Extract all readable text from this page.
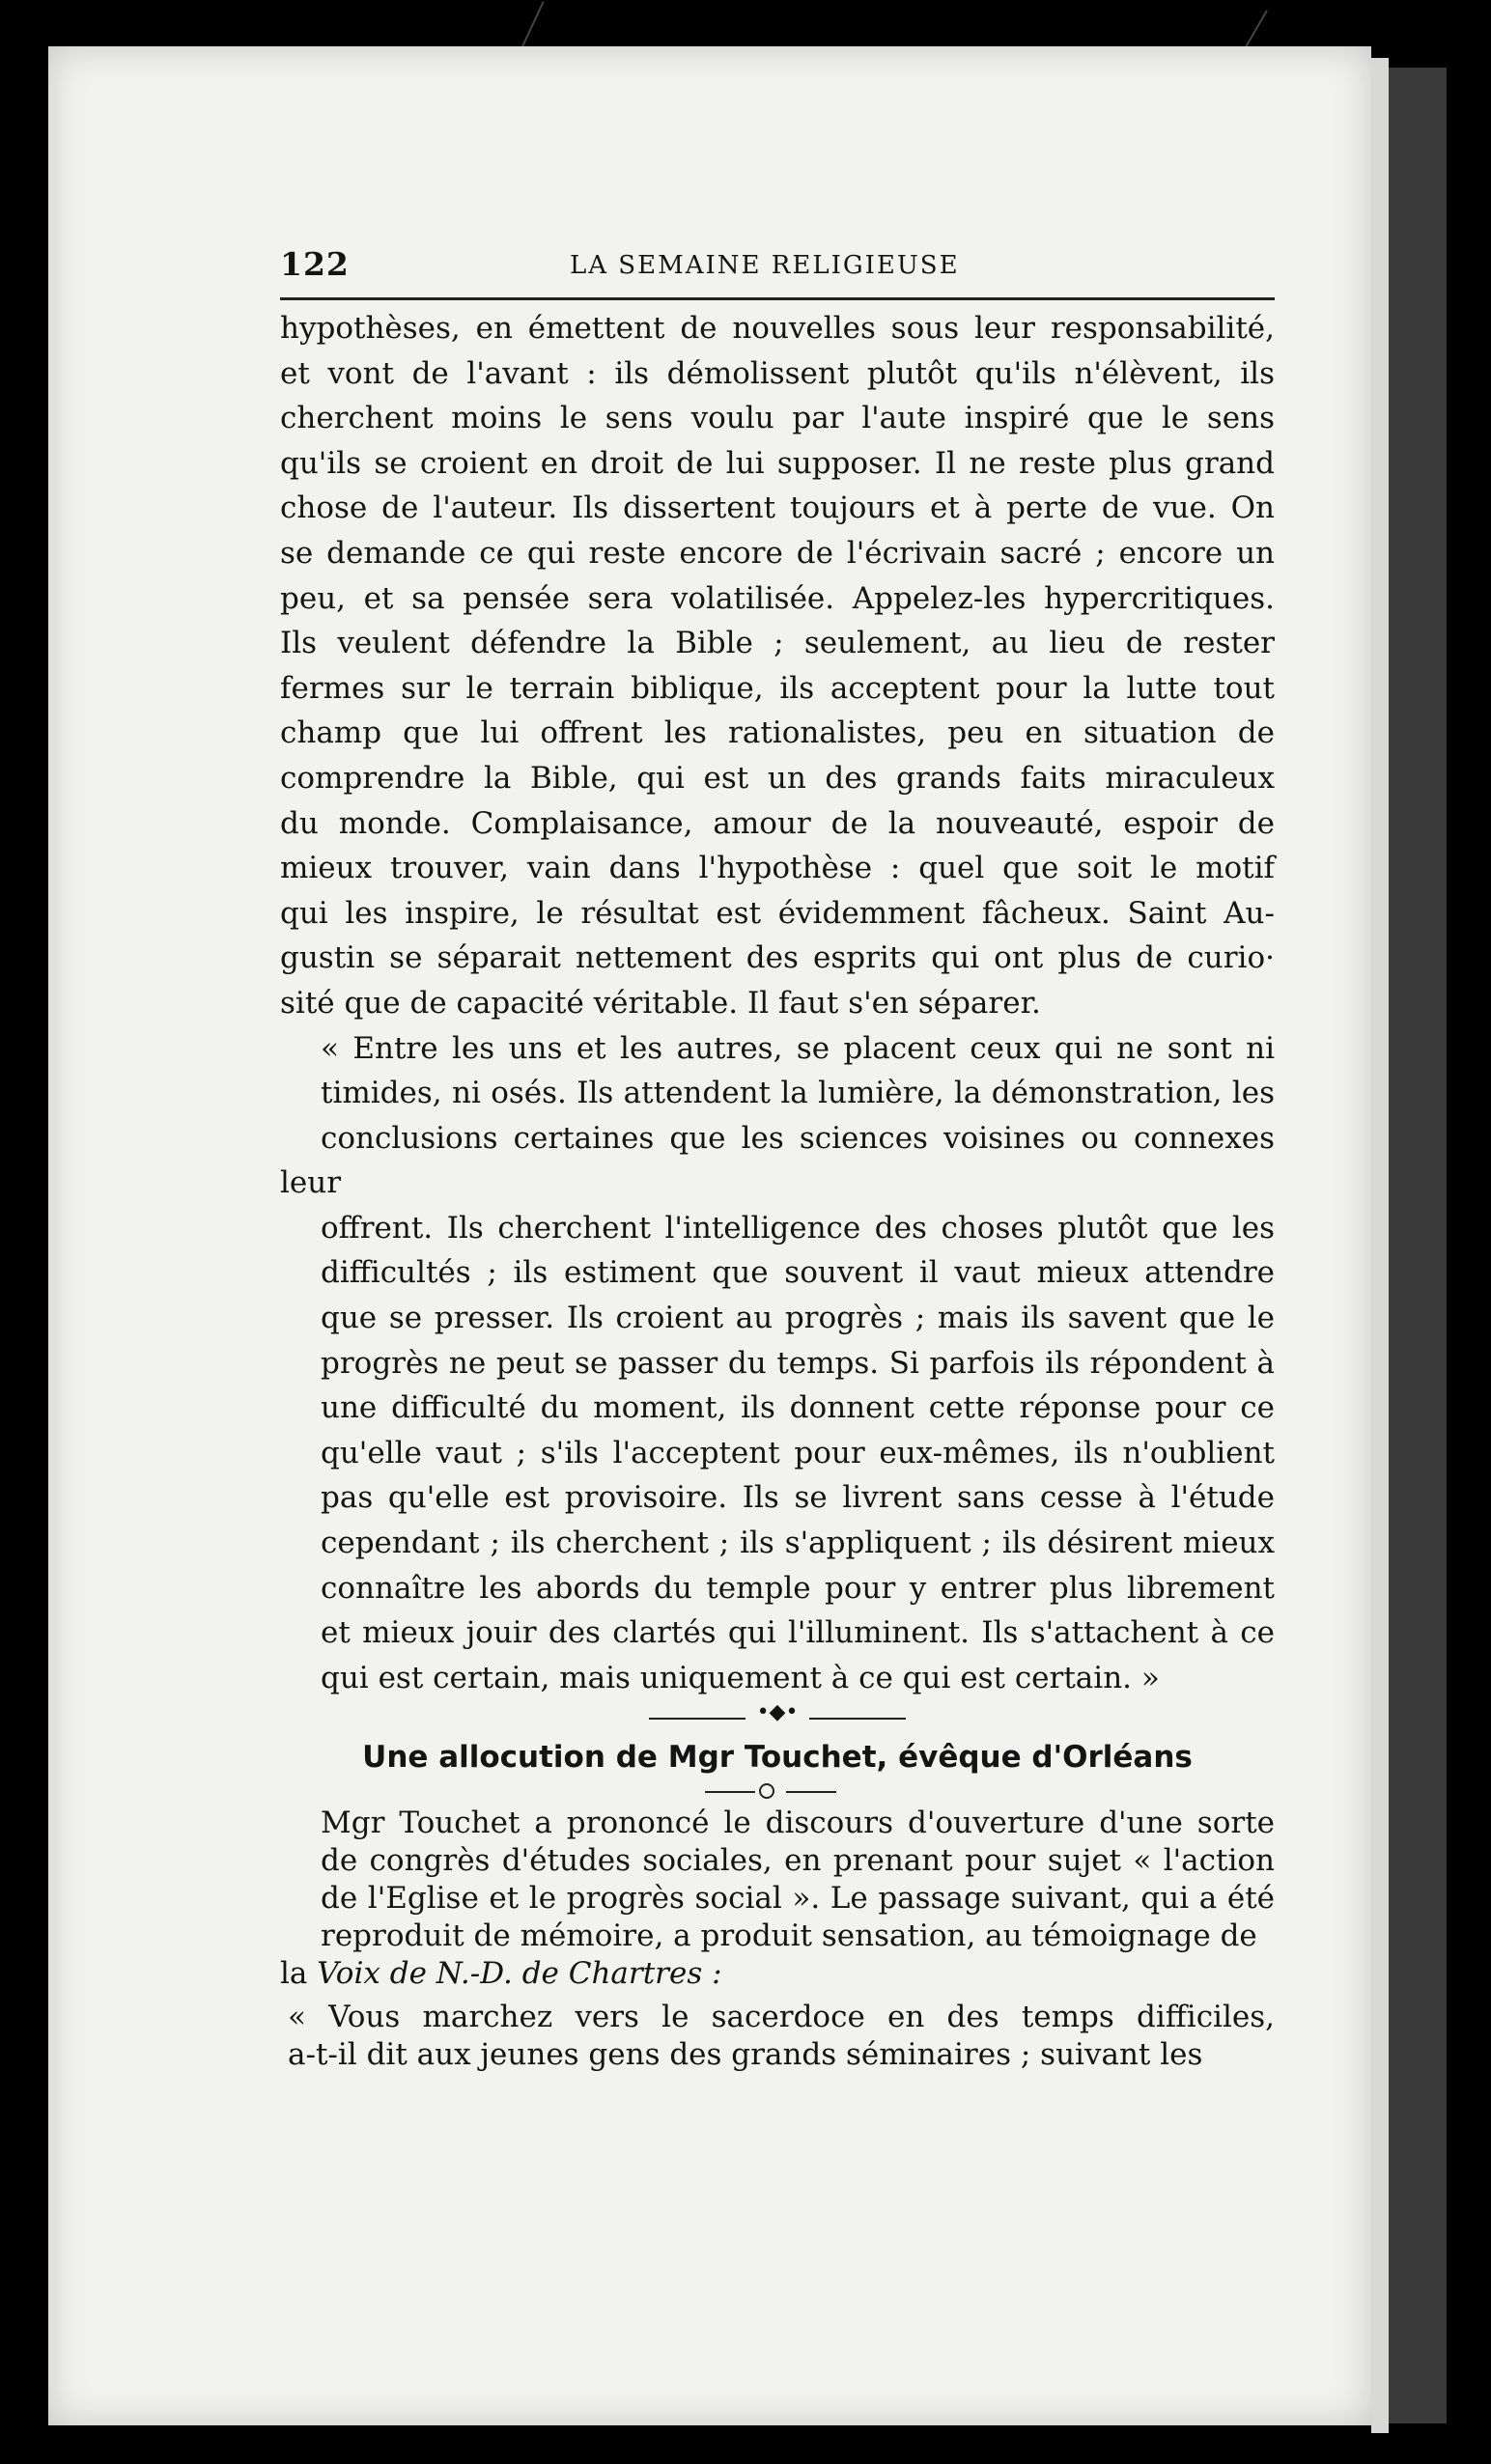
122	LA SEMAINE RELIGIEUSE

hypothèses, en émettent de nouvelles sous leur responsabilité,
et vont de l'avant : ils démolissent plutôt qu'ils n'élèvent, ils
cherchent moins le sens voulu par l'aute inspiré que le sens
qu'ils se croient en droit de lui supposer. Il ne reste plus grand
chose de l'auteur. Ils dissertent toujours et à perte de vue. On
se demande ce qui reste encore de l'écrivain sacré ; encore un
peu, et sa pensée sera volatilisée. Appelez-les hypercritiques.
Ils veulent défendre la Bible ; seulement, au lieu de rester
fermes sur le terrain biblique, ils acceptent pour la lutte tout
champ que lui offrent les rationalistes, peu en situation de
comprendre la Bible, qui est un des grands faits miraculeux
du monde. Complaisance, amour de la nouveauté, espoir de
mieux trouver, vain dans l'hypothèse : quel que soit le motif
qui les inspire, le résultat est évidemment fâcheux. Saint Au-
gustin se séparait nettement des esprits qui ont plus de curio·
sité que de capacité véritable. Il faut s'en séparer.

« Entre les uns et les autres, se placent ceux qui ne sont ni
timides, ni osés. Ils attendent la lumière, la démonstration, les
conclusions certaines que les sciences voisines ou connexes leur
offrent. Ils cherchent l'intelligence des choses plutôt que les
difficultés ; ils estiment que souvent il vaut mieux attendre
que se presser. Ils croient au progrès ; mais ils savent que le
progrès ne peut se passer du temps. Si parfois ils répondent à
une difficulté du moment, ils donnent cette réponse pour ce
qu'elle vaut ; s'ils l'acceptent pour eux-mêmes, ils n'oublient
pas qu'elle est provisoire. Ils se livrent sans cesse à l'étude
cependant ; ils cherchent ; ils s'appliquent ; ils désirent mieux
connaître les abords du temple pour y entrer plus librement
et mieux jouir des clartés qui l'illuminent. Ils s'attachent à ce
qui est certain, mais uniquement à ce qui est certain. »

•◆•
Une allocution de Mgr Touchet, évêque d'Orléans

Mgr Touchet a prononcé le discours d'ouverture d'une sorte
de congrès d'études sociales, en prenant pour sujet « l'action
de l'Eglise et le progrès social ». Le passage suivant, qui a été
reproduit de mémoire, a produit sensation, au témoignage de

la Voix de N.-D. de Chartres :

« Vous marchez vers le sacerdoce en des temps difficiles,
a-t-il dit aux jeunes gens des grands séminaires ; suivant les
